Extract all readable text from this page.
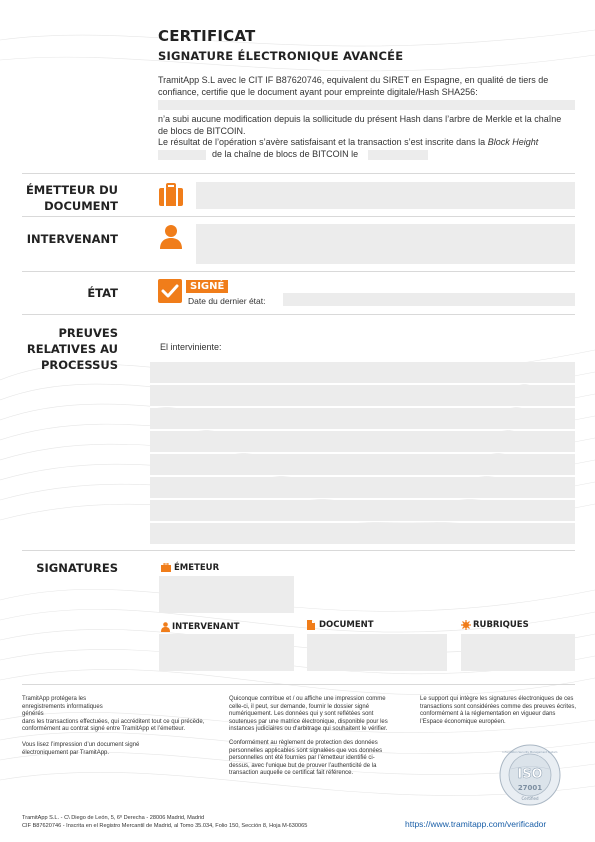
CERTIFICAT
SIGNATURE ÉLECTRONIQUE AVANCÉE
TramitApp S.L avec le CIT IF B87620746, equivalent du SIRET en Espagne, en qualité de tiers de confiance, certifie que le document ayant pour empreinte digitale/Hash SHA256:
n’a subi aucune modification depuis la sollicitude du présent Hash dans l’arbre de Merkle et la chaîne de blocs de BITCOIN.
Le résultat de l’opération s’avère satisfaisant et la transaction s’est inscrite dans la Block Height
de la chaîne de blocs de BITCOIN le
ÉMETTEUR DU
DOCUMENT
INTERVENANT
ÉTAT	SIGNÉ
Date du dernier état:
PREUVES
RELATIVES AU
PROCESSUS
El interviniente:
SIGNATURES	ÉMETEUR
INTERVENANT	DOCUMENT	RUBRIQUES
TramitApp protégera les enregistrements informatiques générés
dans les transactions effectuées, qui accréditent tout ce qui précède, conformément au contrat signé entre TramitApp et l’émetteur.
Vous lisez l’impression d’un document signé électroniquement par TramitApp.
Quiconque contribue et / ou affiche une impression comme celle-ci, il peut, sur demande, fournir le dossier signé numériquement. Les données qui y sont reflétées sont soutenues par une matrice électronique, disponible pour les instances judiciaires ou d’arbitrage qui souhaitent le vérifier.
Conformément au règlement de protection des données personnelles applicables sont signalées que vos données personnelles ont été fournies par l’émetteur identifié ci-dessus, avec l’unique but de prouver l’authenticité de la transaction auquelle ce certificat fait référence.
Le support qui intègre les signatures électroniques de ces transactions sont considérées comme des preuves écrites, conformément à la réglementation en vigueur dans l’Espace économique européen.
ISO
27001
Certified
Information Security Management System
TramitApp S.L. - C\ Diego de León, 5, 6º Derecha - 28006 Madrid, Madrid
CIF B87620746 - Inscrita en el Registro Mercantil de Madrid, al Tomo 35.034, Folio 150, Sección 8, Hoja M-630065	https://www.tramitapp.com/verificador
